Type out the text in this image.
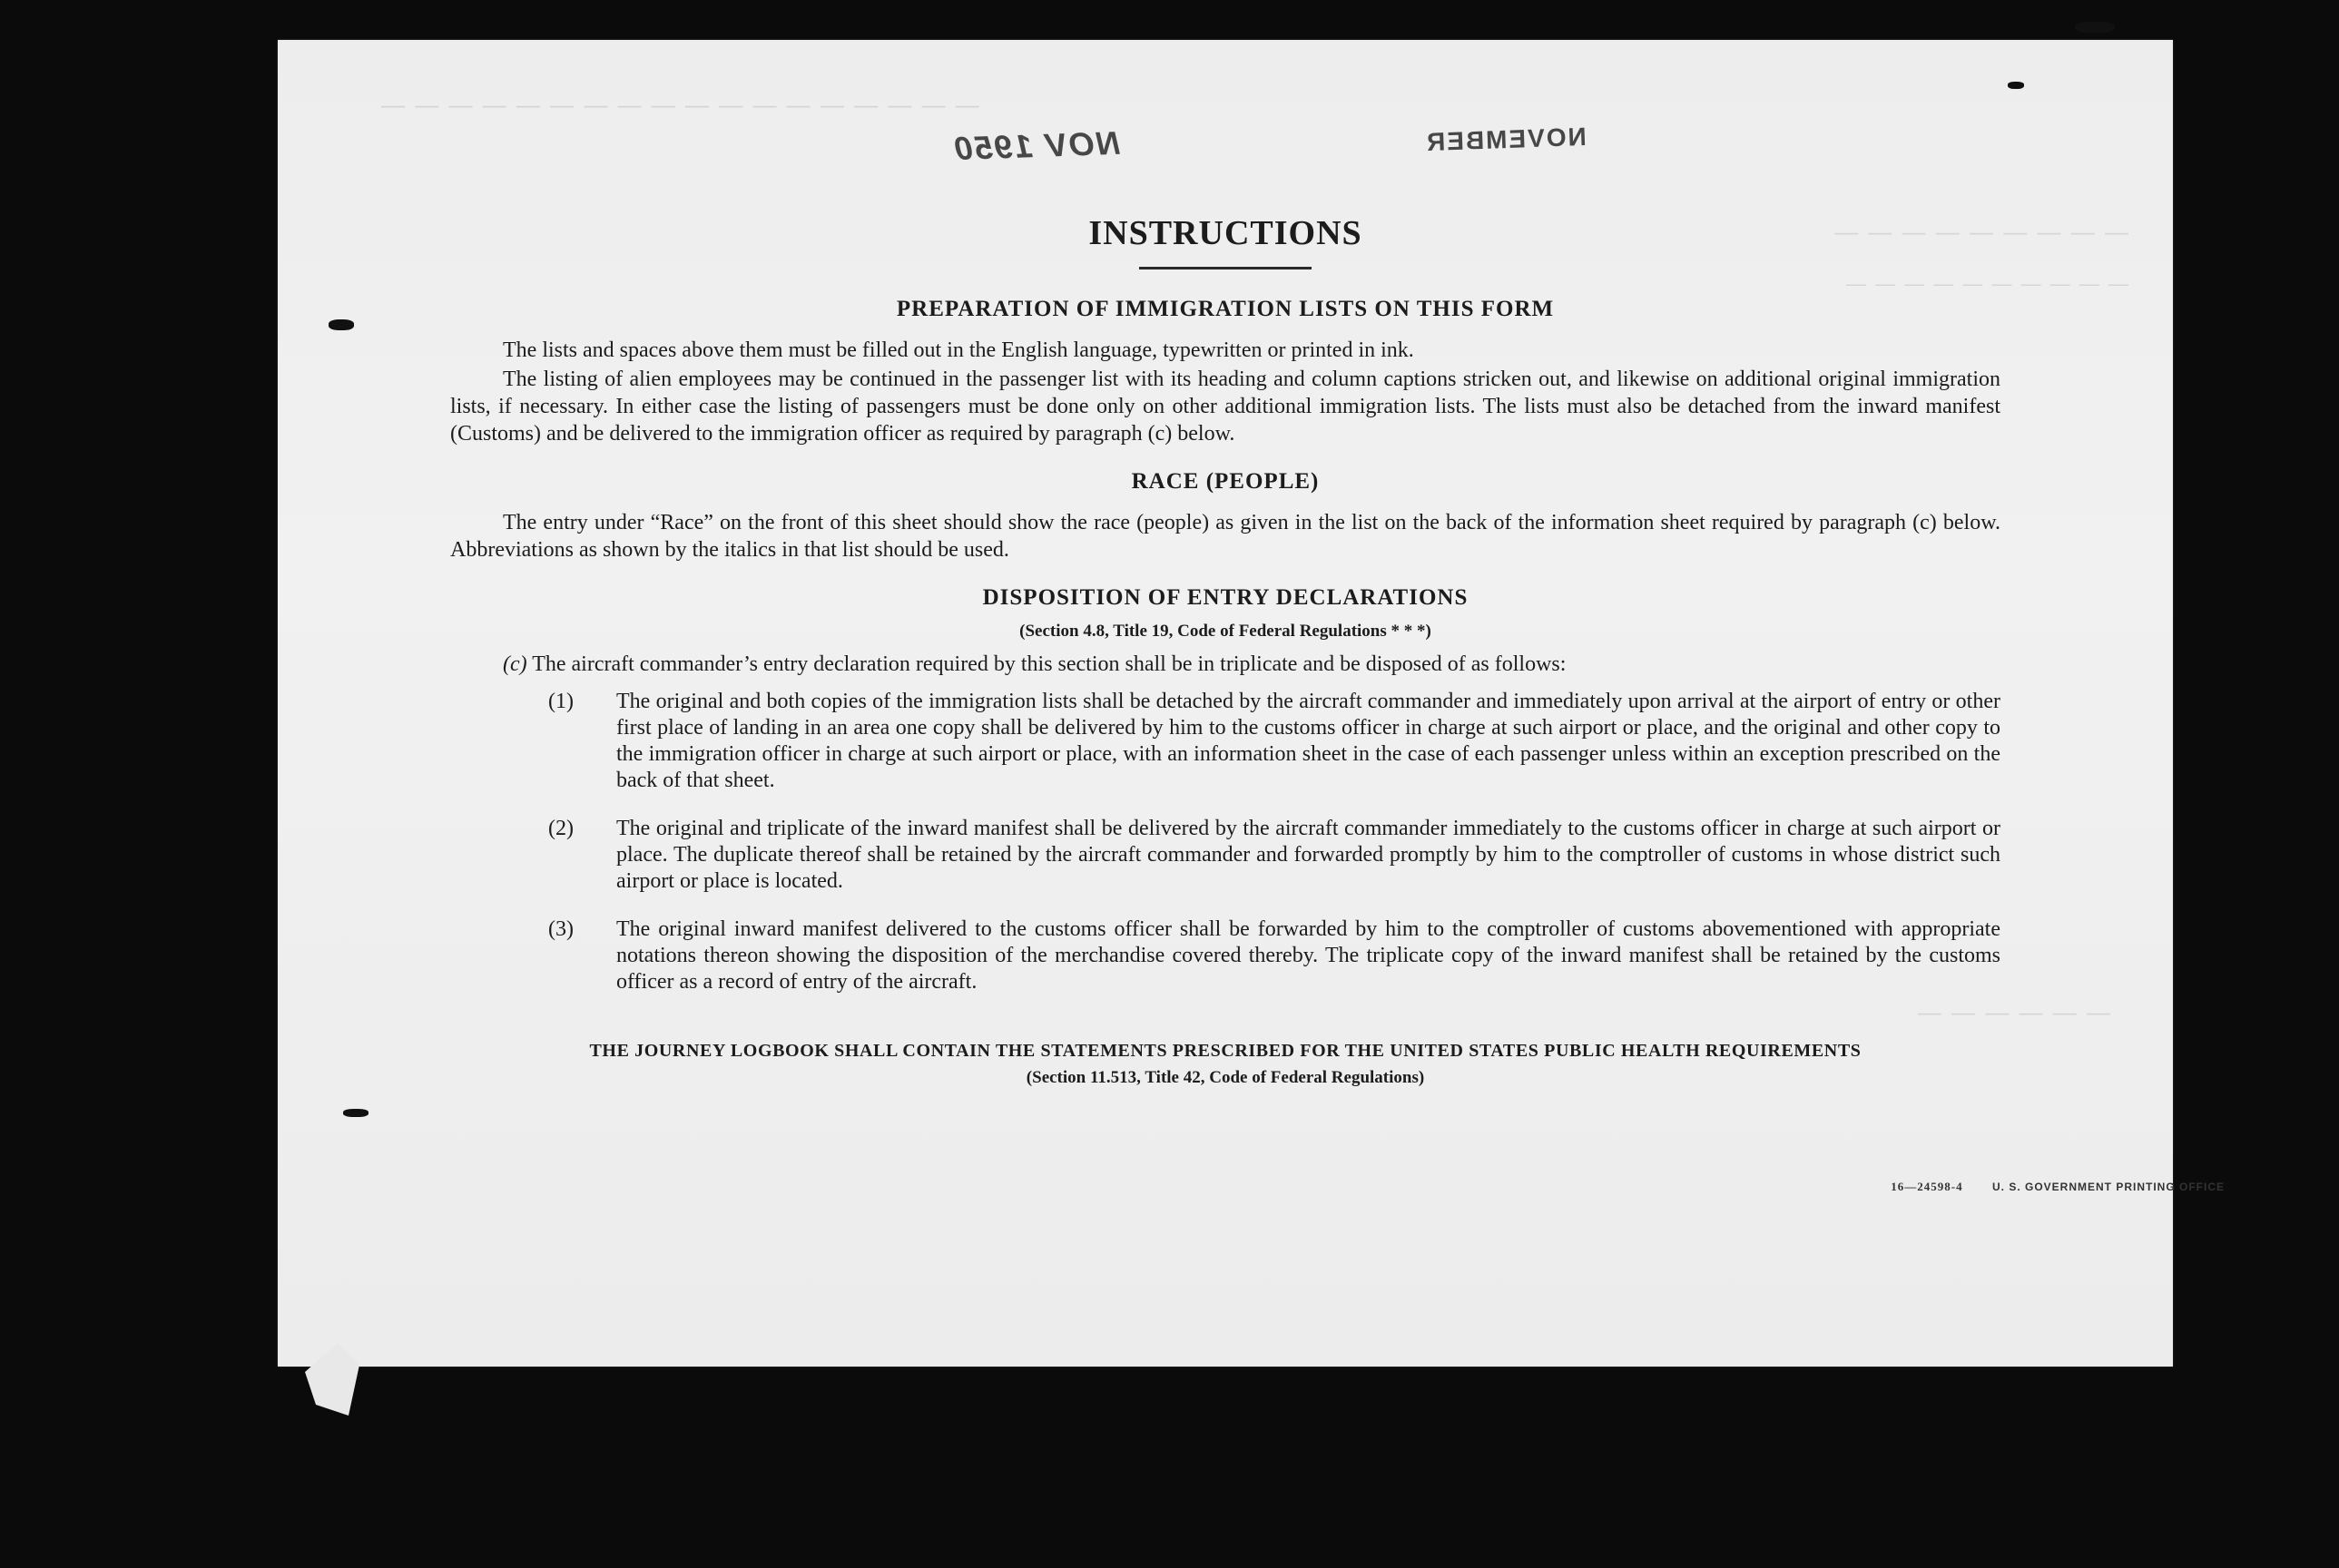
— — — — — — — — — — — — — — — — — —
— — — — — — — — —
— — — — — — — — — —
— — — — — —
NOV 1950	NOVEMBER
INSTRUCTIONS
PREPARATION OF IMMIGRATION LISTS ON THIS FORM

The lists and spaces above them must be filled out in the English language, typewritten or printed in ink.

The listing of alien employees may be continued in the passenger list with its heading and column captions stricken out, and likewise on additional original immigration lists, if necessary. In either case the listing of passengers must be done only on other additional immigration lists. The lists must also be detached from the inward manifest (Customs) and be delivered to the immigration officer as required by paragraph (c) below.

RACE (PEOPLE)

The entry under “Race” on the front of this sheet should show the race (people) as given in the list on the back of the information sheet required by paragraph (c) below. Abbreviations as shown by the italics in that list should be used.

DISPOSITION OF ENTRY DECLARATIONS
(Section 4.8, Title 19, Code of Federal Regulations * * *)

(c) The aircraft commander’s entry declaration required by this section shall be in triplicate and be disposed of as follows:

(1) The original and both copies of the immigration lists shall be detached by the aircraft commander and immediately upon arrival at the airport of entry or other first place of landing in an area one copy shall be delivered by him to the customs officer in charge at such airport or place, and the original and other copy to the immigration officer in charge at such airport or place, with an information sheet in the case of each passenger unless within an exception prescribed on the back of that sheet.
(2) The original and triplicate of the inward manifest shall be delivered by the aircraft commander immediately to the customs officer in charge at such airport or place. The duplicate thereof shall be retained by the aircraft commander and forwarded promptly by him to the comptroller of customs in whose district such airport or place is located.
(3) The original inward manifest delivered to the customs officer shall be forwarded by him to the comptroller of customs abovementioned with appropriate notations thereon showing the disposition of the merchandise covered thereby. The triplicate copy of the inward manifest shall be retained by the customs officer as a record of entry of the aircraft.
THE JOURNEY LOGBOOK SHALL CONTAIN THE STATEMENTS PRESCRIBED FOR THE UNITED STATES PUBLIC HEALTH REQUIREMENTS
(Section 11.513, Title 42, Code of Federal Regulations)
16—24598-4	U. S. GOVERNMENT PRINTING OFFICE
